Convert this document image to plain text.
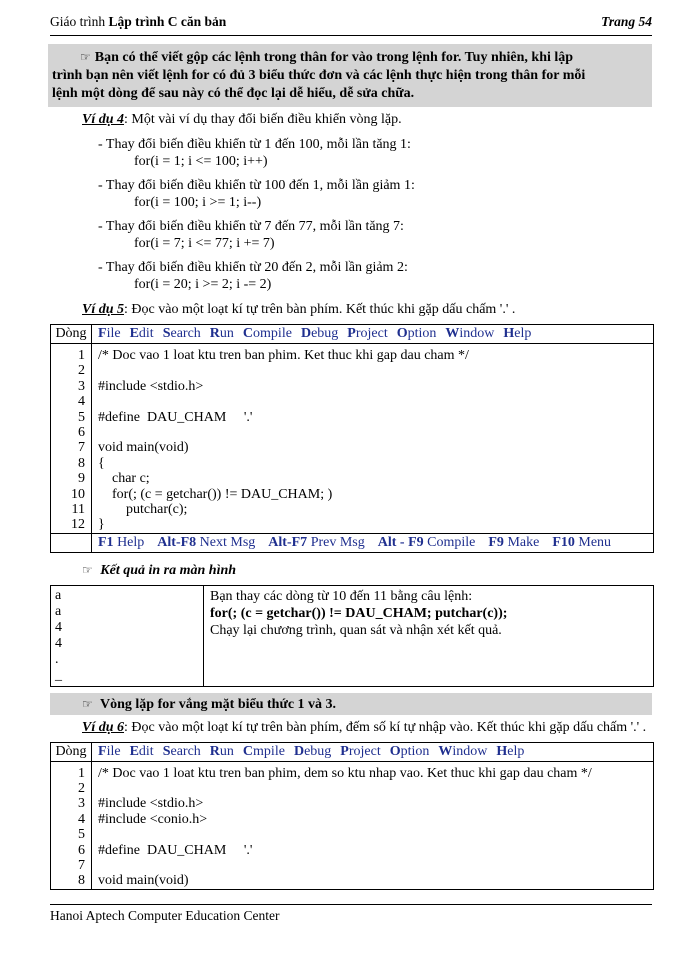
Giáo trình Lập trình C căn bản	Trang 54
☞ Bạn có thể viết gộp các lệnh trong thân for vào trong lệnh for. Tuy nhiên, khi lập
trình bạn nên viết lệnh for có đủ 3 biểu thức đơn và các lệnh thực hiện trong thân for mỗi
lệnh một dòng để sau này có thể đọc lại dễ hiểu, dễ sửa chữa.
Ví dụ 4: Một vài ví dụ thay đổi biến điều khiển vòng lặp.
- Thay đổi biến điều khiển từ 1 đến 100, mỗi lần tăng 1:
for(i = 1; i <= 100; i++)
- Thay đổi biến điều khiển từ 100 đến 1, mỗi lần giảm 1:
for(i = 100; i >= 1; i--)
- Thay đổi biến điều khiển từ 7 đến 77, mỗi lần tăng 7:
for(i = 7; i <= 77; i += 7)
- Thay đổi biến điều khiển từ 20 đến 2, mỗi lần giảm 2:
for(i = 20; i >= 2; i -= 2)
Ví dụ 5: Đọc vào một loạt kí tự trên bàn phím. Kết thúc khi gặp dấu chấm '.' .
Dòng File Edit Search Run Compile Debug Project Option Window Help
1
2
3
4
5
6
7
8
9
10
11
12
/* Doc vao 1 loat ktu tren ban phim. Ket thuc khi gap dau cham */

#include <stdio.h>

#define  DAU_CHAM     '.'

void main(void)
{
char c;
for(; (c = getchar()) != DAU_CHAM; )
putchar(c);
}
F1 Help Alt-F8 Next Msg Alt-F7 Prev Msg Alt - F9 Compile F9 Make F10 Menu
☞ Kết quả in ra màn hình
a
a
4
4
.
_
Bạn thay các dòng từ 10 đến 11 bằng câu lệnh:
for(; (c = getchar()) != DAU_CHAM; putchar(c));
Chạy lại chương trình, quan sát và nhận xét kết quả.
☞ Vòng lặp for vắng mặt biểu thức 1 và 3.
Ví dụ 6: Đọc vào một loạt kí tự trên bàn phím, đếm số kí tự nhập vào. Kết thúc khi gặp dấu chấm '.' .
Dòng File Edit Search Run Cmpile Debug Project Option Window Help
1
2
3
4
5
6
7
8
/* Doc vao 1 loat ktu tren ban phim, dem so ktu nhap vao. Ket thuc khi gap dau cham */

#include <stdio.h>
#include <conio.h>

#define  DAU_CHAM     '.'

void main(void)
Hanoi Aptech Computer Education Center
